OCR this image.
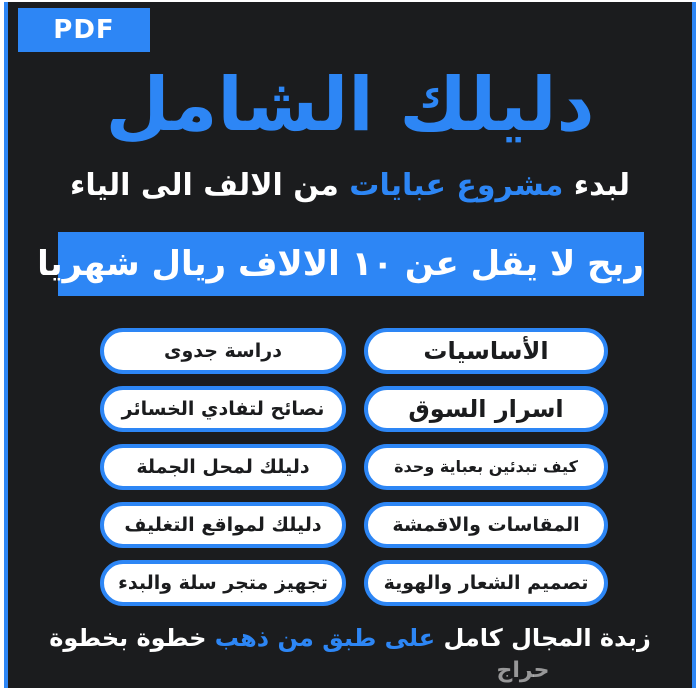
PDF
دليلك الشامل
لبدء مشروع عبايات من الالف الى الياء
ربح لا يقل عن ١٠ الالاف ريال شهريا
الأساسيات
اسرار السوق
كيف تبدئين بعباية وحدة
المقاسات والاقمشة
تصميم الشعار والهوية
دراسة جدوى
نصائح لتفادي الخسائر
دليلك لمحل الجملة
دليلك لمواقع التغليف
تجهيز متجر سلة والبدء
زبدة المجال كامل على طبق من ذهب خطوة بخطوة
حراج
